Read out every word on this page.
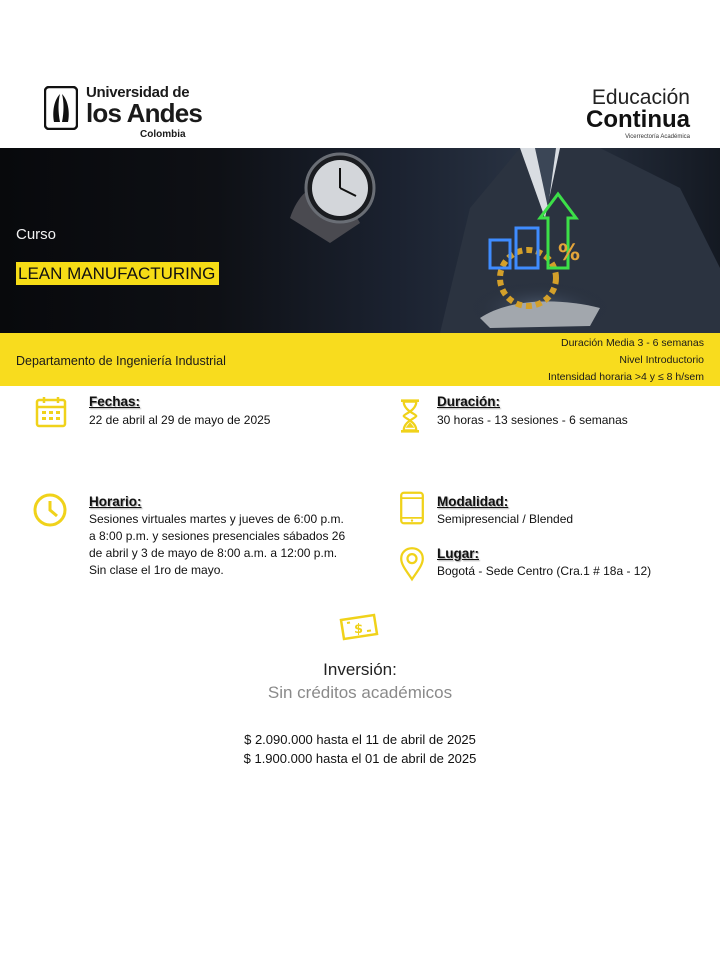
Universidad de
los Andes
Colombia
Educación
Continua
Vicerrectoría Académica
%
Curso
LEAN MANUFACTURING
Departamento de Ingeniería Industrial
Duración Media 3 - 6 semanas
Nivel Introductorio
Intensidad horaria >4 y ≤ 8 h/sem
Fechas:
22 de abril al 29 de mayo de 2025
Duración:
30 horas - 13 sesiones - 6 semanas
Horario:
Sesiones virtuales martes y jueves de 6:00 p.m.
a 8:00 p.m. y sesiones presenciales sábados 26
de abril y 3 de mayo de 8:00 a.m. a 12:00 p.m.
Sin clase el 1ro de mayo.
Modalidad:
Semipresencial / Blended
Lugar:
Bogotá - Sede Centro (Cra.1 # 18a - 12)
$
Inversión:
Sin créditos académicos
$ 2.090.000 hasta el 11 de abril de 2025
$ 1.900.000 hasta el 01 de abril de 2025
